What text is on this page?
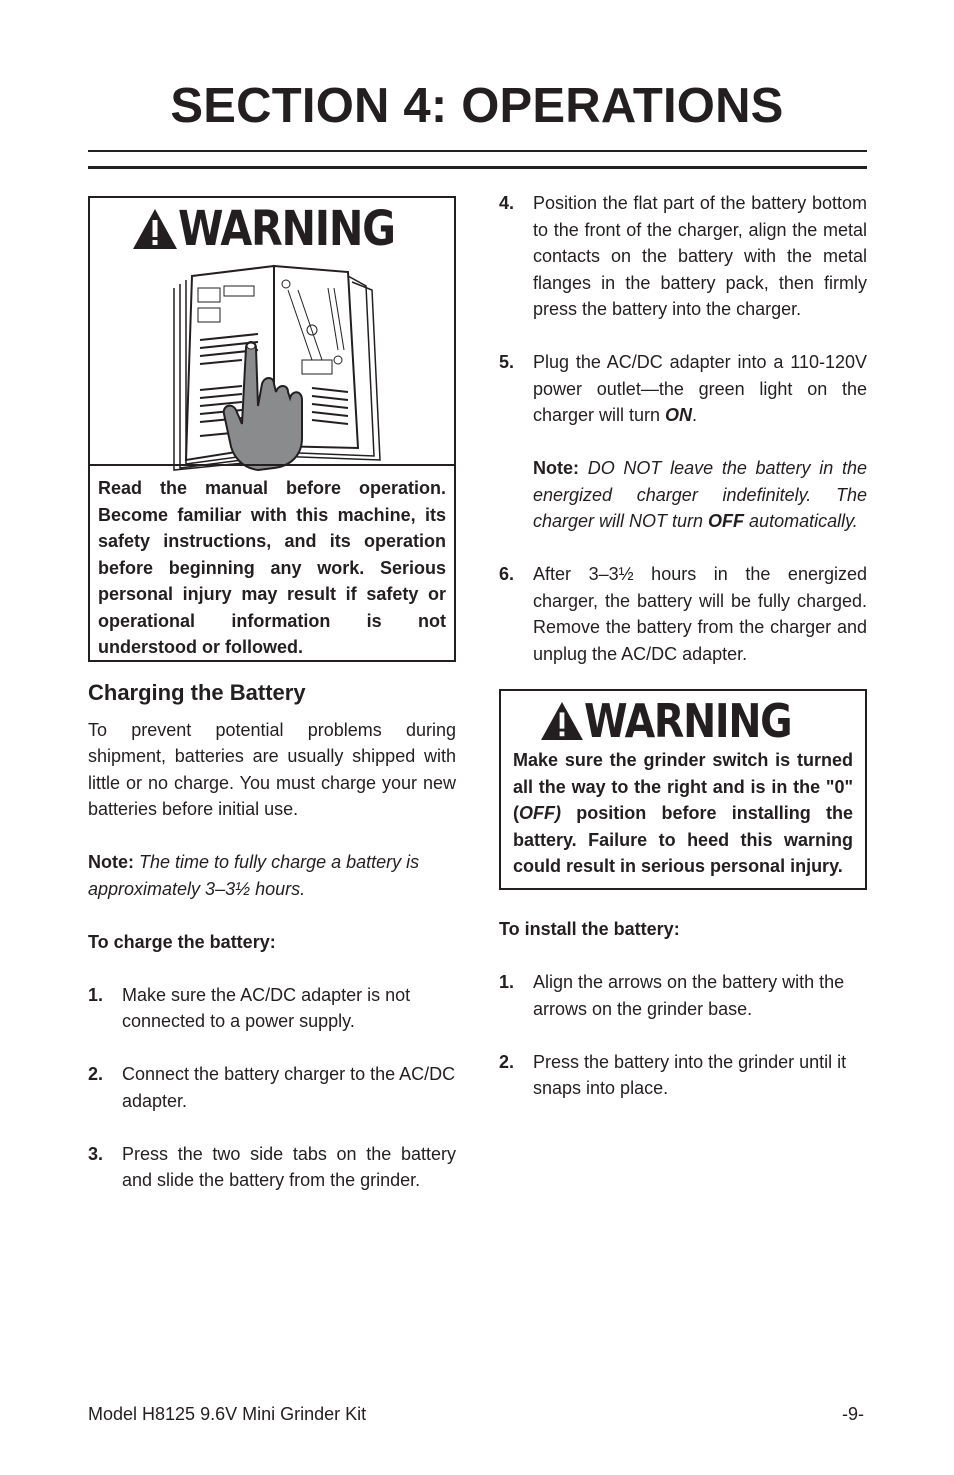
SECTION 4: OPERATIONS
WARNING

Read the manual before operation. Become familiar with this machine, its safety instructions, and its operation before beginning any work. Serious personal injury may result if safety or operational information is not understood or followed.

Charging the Battery

To prevent potential problems during shipment, batteries are usually shipped with little or no charge. You must charge your new batteries before initial use.

Note: The time to fully charge a battery is approximately 3–3½ hours.

To charge the battery:

1.	Make sure the AC/DC adapter is not connected to a power supply.
2.	Connect the battery charger to the AC/DC adapter.
3.	Press the two side tabs on the battery and slide the battery from the grinder.
4.	Position the flat part of the battery bottom to the front of the charger, align the metal contacts on the battery with the metal flanges in the battery pack, then firmly press the battery into the charger.
5.	Plug the AC/DC adapter into a 110-120V power outlet—the green light on the charger will turn ON.
Note: DO NOT leave the battery in the energized charger indefinitely. The charger will NOT turn OFF automatically.
6.	After 3–3½ hours in the energized charger, the battery will be fully charged. Remove the battery from the charger and unplug the AC/DC adapter.
WARNING

Make sure the grinder switch is turned all the way to the right and is in the "0" (OFF) position before installing the battery. Failure to heed this warning could result in serious personal injury.

To install the battery:

1.	Align the arrows on the battery with the arrows on the grinder base.
2.	Press the battery into the grinder until it snaps into place.
Model H8125 9.6V Mini Grinder Kit	-9-
